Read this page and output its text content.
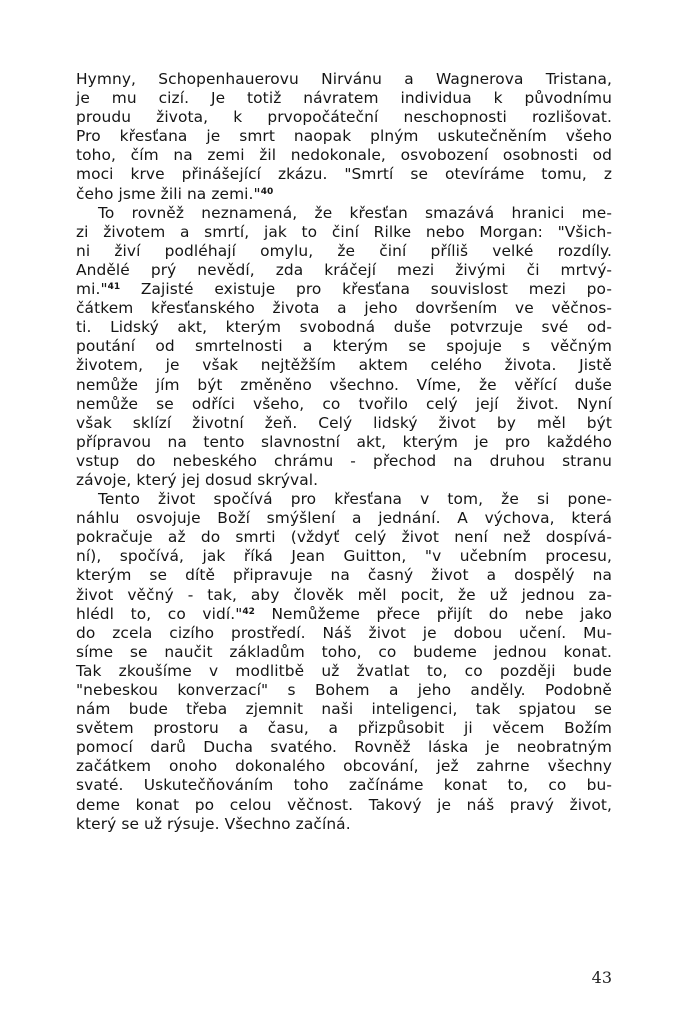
Hymny, Schopenhauerovu Nirvánu a Wagnerova Tristana,
je mu cizí. Je totiž návratem individua k původnímu
proudu života, k prvopočáteční neschopnosti rozlišovat.
Pro křesťana je smrt naopak plným uskutečněním všeho
toho, čím na zemi žil nedokonale, osvobození osobnosti od
moci krve přinášející zkázu. "Smrtí se otevíráme tomu, z
čeho jsme žili na zemi."$^{40}$
To rovněž neznamená, že křesťan smazává hranici me-
zi životem a smrtí, jak to činí Rilke nebo Morgan: "Všich-
ni živí podléhají omylu, že činí příliš velké rozdíly.
Andělé prý nevědí, zda kráčejí mezi živými či mrtvý-
mi."$^{41}$ Zajisté existuje pro křesťana souvislost mezi po-
čátkem křesťanského života a jeho dovršením ve věčnos-
ti. Lidský akt, kterým svobodná duše potvrzuje své od-
poutání od smrtelnosti a kterým se spojuje s věčným
životem, je však nejtěžším aktem celého života. Jistě
nemůže jím být změněno všechno. Víme, že věřící duše
nemůže se odříci všeho, co tvořilo celý její život. Nyní
však sklízí životní žeň. Celý lidský život by měl být
přípravou na tento slavnostní akt, kterým je pro každého
vstup do nebeského chrámu - přechod na druhou stranu
závoje, který jej dosud skrýval.
Tento život spočívá pro křesťana v tom, že si pone-
náhlu osvojuje Boží smýšlení a jednání. A výchova, která
pokračuje až do smrti (vždyť celý život není než dospívá-
ní), spočívá, jak říká Jean Guitton, "v učebním procesu,
kterým se dítě připravuje na časný život a dospělý na
život věčný - tak, aby člověk měl pocit, že už jednou za-
hlédl to, co vidí."$^{42}$ Nemůžeme přece přijít do nebe jako
do zcela cizího prostředí. Náš život je dobou učení. Mu-
síme se naučit základům toho, co budeme jednou konat.
Tak zkoušíme v modlitbě už žvatlat to, co později bude
"nebeskou konverzací" s Bohem a jeho anděly. Podobně
nám bude třeba zjemnit naši inteligenci, tak spjatou se
světem prostoru a času, a přizpůsobit ji věcem Božím
pomocí darů Ducha svatého. Rovněž láska je neobratným
začátkem onoho dokonalého obcování, jež zahrne všechny
svaté. Uskutečňováním toho začínáme konat to, co bu-
deme konat po celou věčnost. Takový je náš pravý život,
který se už rýsuje. Všechno začíná.
43
